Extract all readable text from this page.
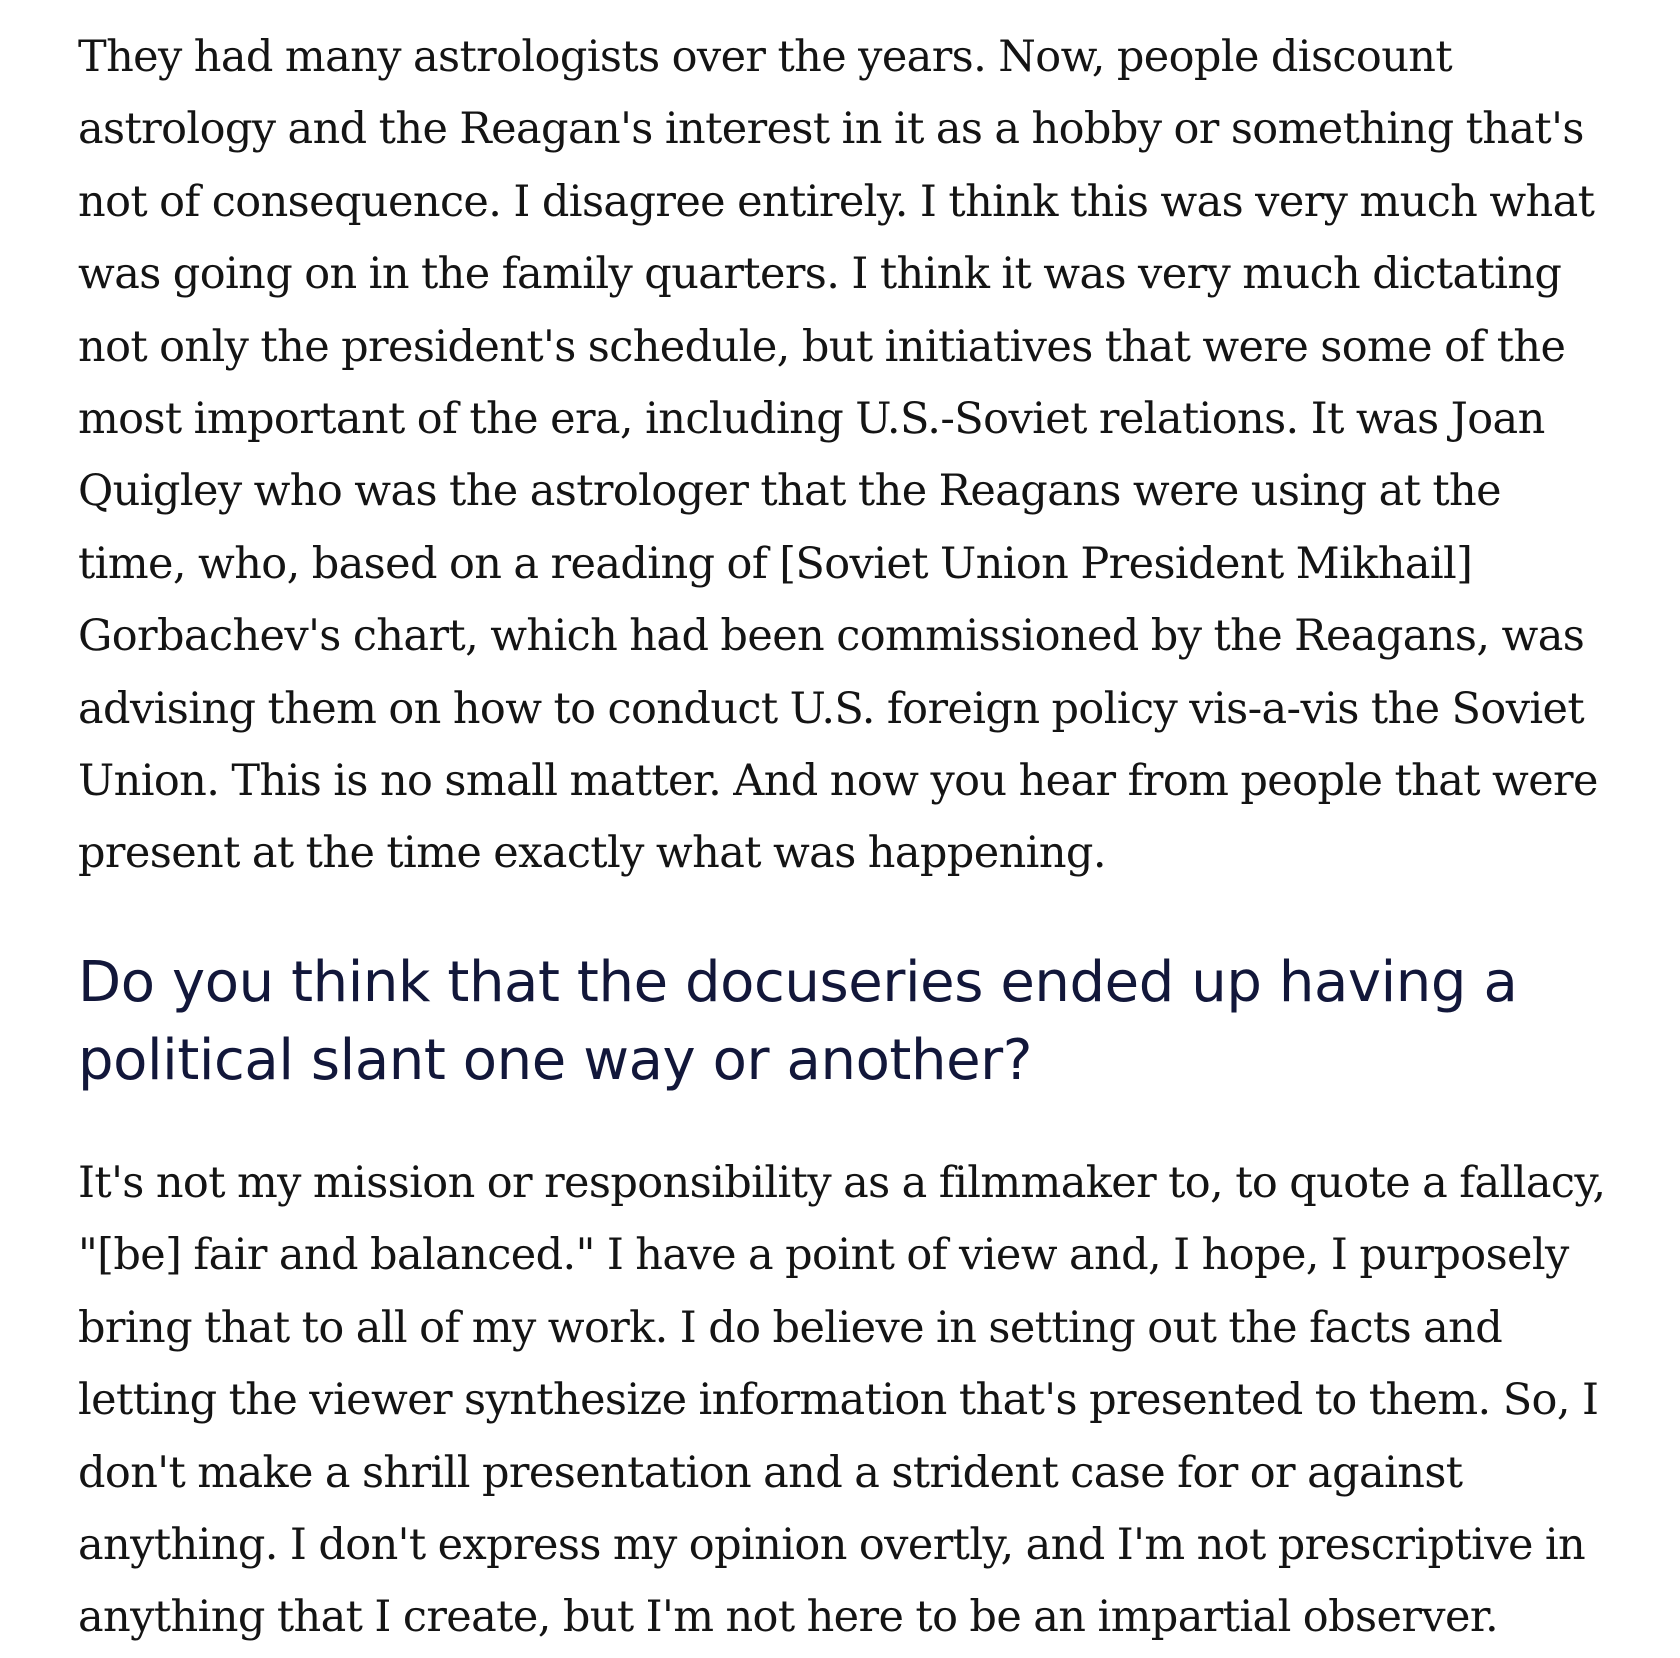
They had many astrologists over the years. Now, people discount astrology and the Reagan's interest in it as a hobby or something that's not of consequence. I disagree entirely. I think this was very much what was going on in the family quarters. I think it was very much dictating not only the president's schedule, but initiatives that were some of the most important of the era, including U.S.-Soviet relations. It was Joan Quigley who was the astrologer that the Reagans were using at the time, who, based on a reading of [Soviet Union President Mikhail] Gorbachev's chart, which had been commissioned by the Reagans, was advising them on how to conduct U.S. foreign policy vis-a-vis the Soviet Union. This is no small matter. And now you hear from people that were present at the time exactly what was happening.

Do you think that the docuseries ended up having a political slant one way or another?

It's not my mission or responsibility as a filmmaker to, to quote a fallacy, "[be] fair and balanced." I have a point of view and, I hope, I purposely bring that to all of my work. I do believe in setting out the facts and letting the viewer synthesize information that's presented to them. So, I don't make a shrill presentation and a strident case for or against anything. I don't express my opinion overtly, and I'm not prescriptive in anything that I create, but I'm not here to be an impartial observer.
